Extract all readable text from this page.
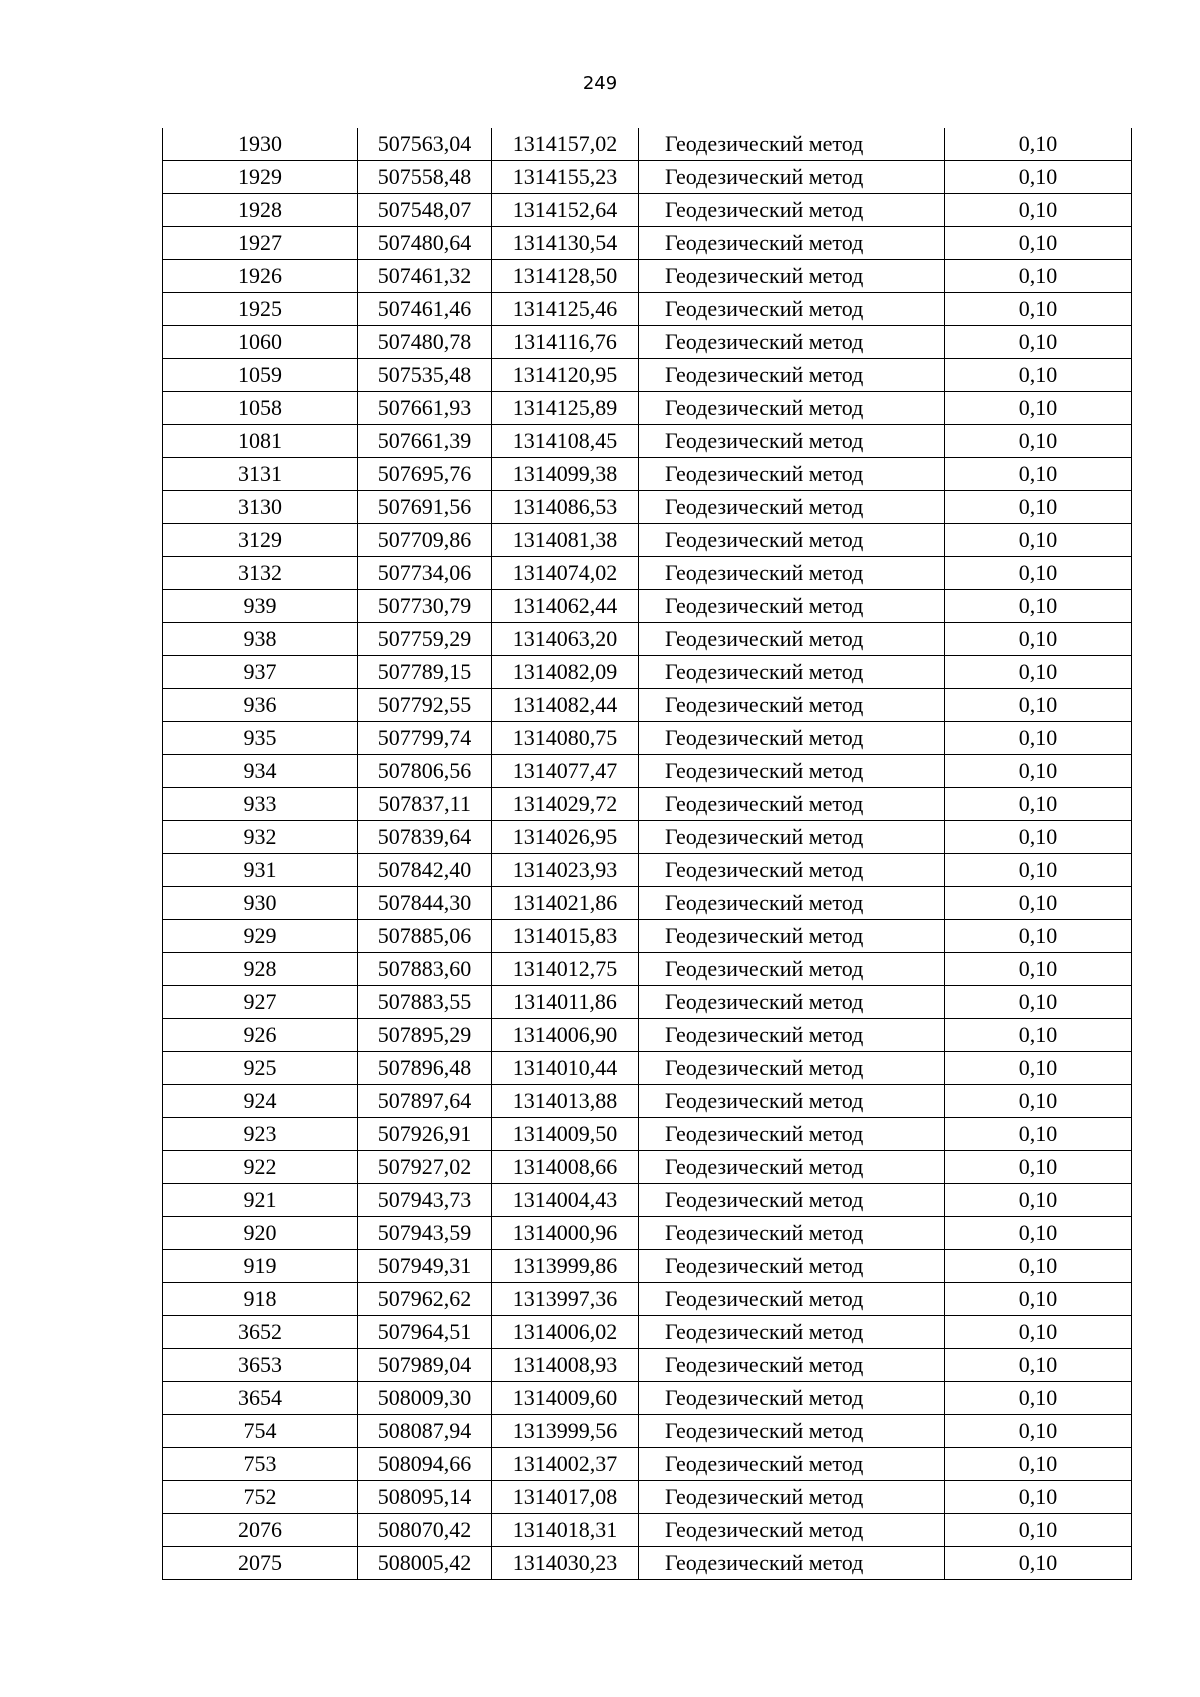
249
1930	507563,04	1314157,02	Геодезический метод	0,10
1929	507558,48	1314155,23	Геодезический метод	0,10
1928	507548,07	1314152,64	Геодезический метод	0,10
1927	507480,64	1314130,54	Геодезический метод	0,10
1926	507461,32	1314128,50	Геодезический метод	0,10
1925	507461,46	1314125,46	Геодезический метод	0,10
1060	507480,78	1314116,76	Геодезический метод	0,10
1059	507535,48	1314120,95	Геодезический метод	0,10
1058	507661,93	1314125,89	Геодезический метод	0,10
1081	507661,39	1314108,45	Геодезический метод	0,10
3131	507695,76	1314099,38	Геодезический метод	0,10
3130	507691,56	1314086,53	Геодезический метод	0,10
3129	507709,86	1314081,38	Геодезический метод	0,10
3132	507734,06	1314074,02	Геодезический метод	0,10
939	507730,79	1314062,44	Геодезический метод	0,10
938	507759,29	1314063,20	Геодезический метод	0,10
937	507789,15	1314082,09	Геодезический метод	0,10
936	507792,55	1314082,44	Геодезический метод	0,10
935	507799,74	1314080,75	Геодезический метод	0,10
934	507806,56	1314077,47	Геодезический метод	0,10
933	507837,11	1314029,72	Геодезический метод	0,10
932	507839,64	1314026,95	Геодезический метод	0,10
931	507842,40	1314023,93	Геодезический метод	0,10
930	507844,30	1314021,86	Геодезический метод	0,10
929	507885,06	1314015,83	Геодезический метод	0,10
928	507883,60	1314012,75	Геодезический метод	0,10
927	507883,55	1314011,86	Геодезический метод	0,10
926	507895,29	1314006,90	Геодезический метод	0,10
925	507896,48	1314010,44	Геодезический метод	0,10
924	507897,64	1314013,88	Геодезический метод	0,10
923	507926,91	1314009,50	Геодезический метод	0,10
922	507927,02	1314008,66	Геодезический метод	0,10
921	507943,73	1314004,43	Геодезический метод	0,10
920	507943,59	1314000,96	Геодезический метод	0,10
919	507949,31	1313999,86	Геодезический метод	0,10
918	507962,62	1313997,36	Геодезический метод	0,10
3652	507964,51	1314006,02	Геодезический метод	0,10
3653	507989,04	1314008,93	Геодезический метод	0,10
3654	508009,30	1314009,60	Геодезический метод	0,10
754	508087,94	1313999,56	Геодезический метод	0,10
753	508094,66	1314002,37	Геодезический метод	0,10
752	508095,14	1314017,08	Геодезический метод	0,10
2076	508070,42	1314018,31	Геодезический метод	0,10
2075	508005,42	1314030,23	Геодезический метод	0,10
